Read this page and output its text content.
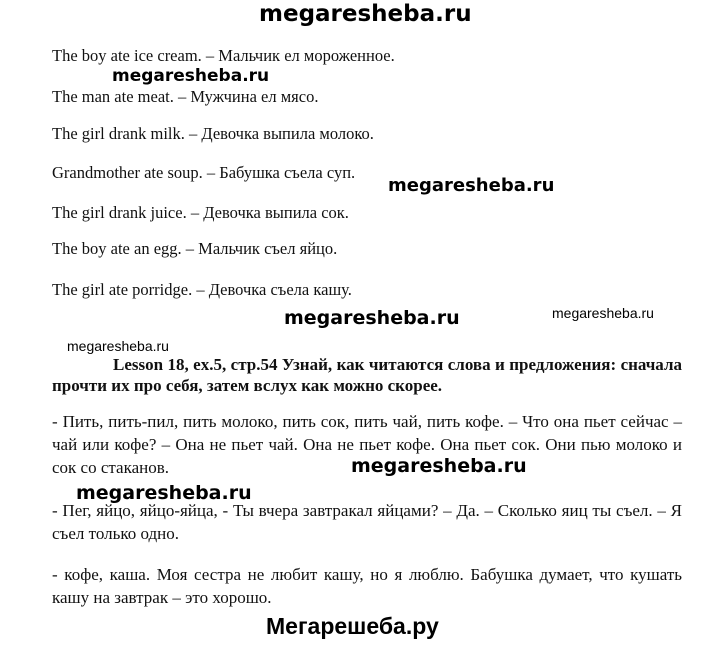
megaresheba.ru
The boy ate ice cream. – Мальчик ел мороженное.
megaresheba.ru
The man ate meat. – Мужчина ел мясо.
The girl drank milk. – Девочка выпила молоко.
Grandmother ate soup. – Бабушка съела суп.
megaresheba.ru
The girl drank juice. – Девочка выпила сок.
The boy ate an egg. – Мальчик съел яйцо.
The girl ate porridge. – Девочка съела кашу.
megaresheba.ru
megaresheba.ru
megaresheba.ru
Lesson 18, ex.5, стр.54 Узнай, как читаются слова и предложения: сначала прочти их про себя, затем вслух как можно скорее.
- Пить, пить-пил, пить молоко, пить сок, пить чай, пить кофе. – Что она пьет сейчас – чай или кофе? – Она не пьет чай. Она не пьет кофе. Она пьет сок. Они пью молоко и сок со стаканов.	megaresheba.ru
megaresheba.ru
- Пег, яйцо, яйцо-яйца, - Ты вчера завтракал яйцами? – Да. – Сколько яиц ты съел. – Я съел только одно.
- кофе, каша. Моя сестра не любит кашу, но я люблю. Бабушка думает, что кушать кашу на завтрак – это хорошо.
Мегарешеба.ру
